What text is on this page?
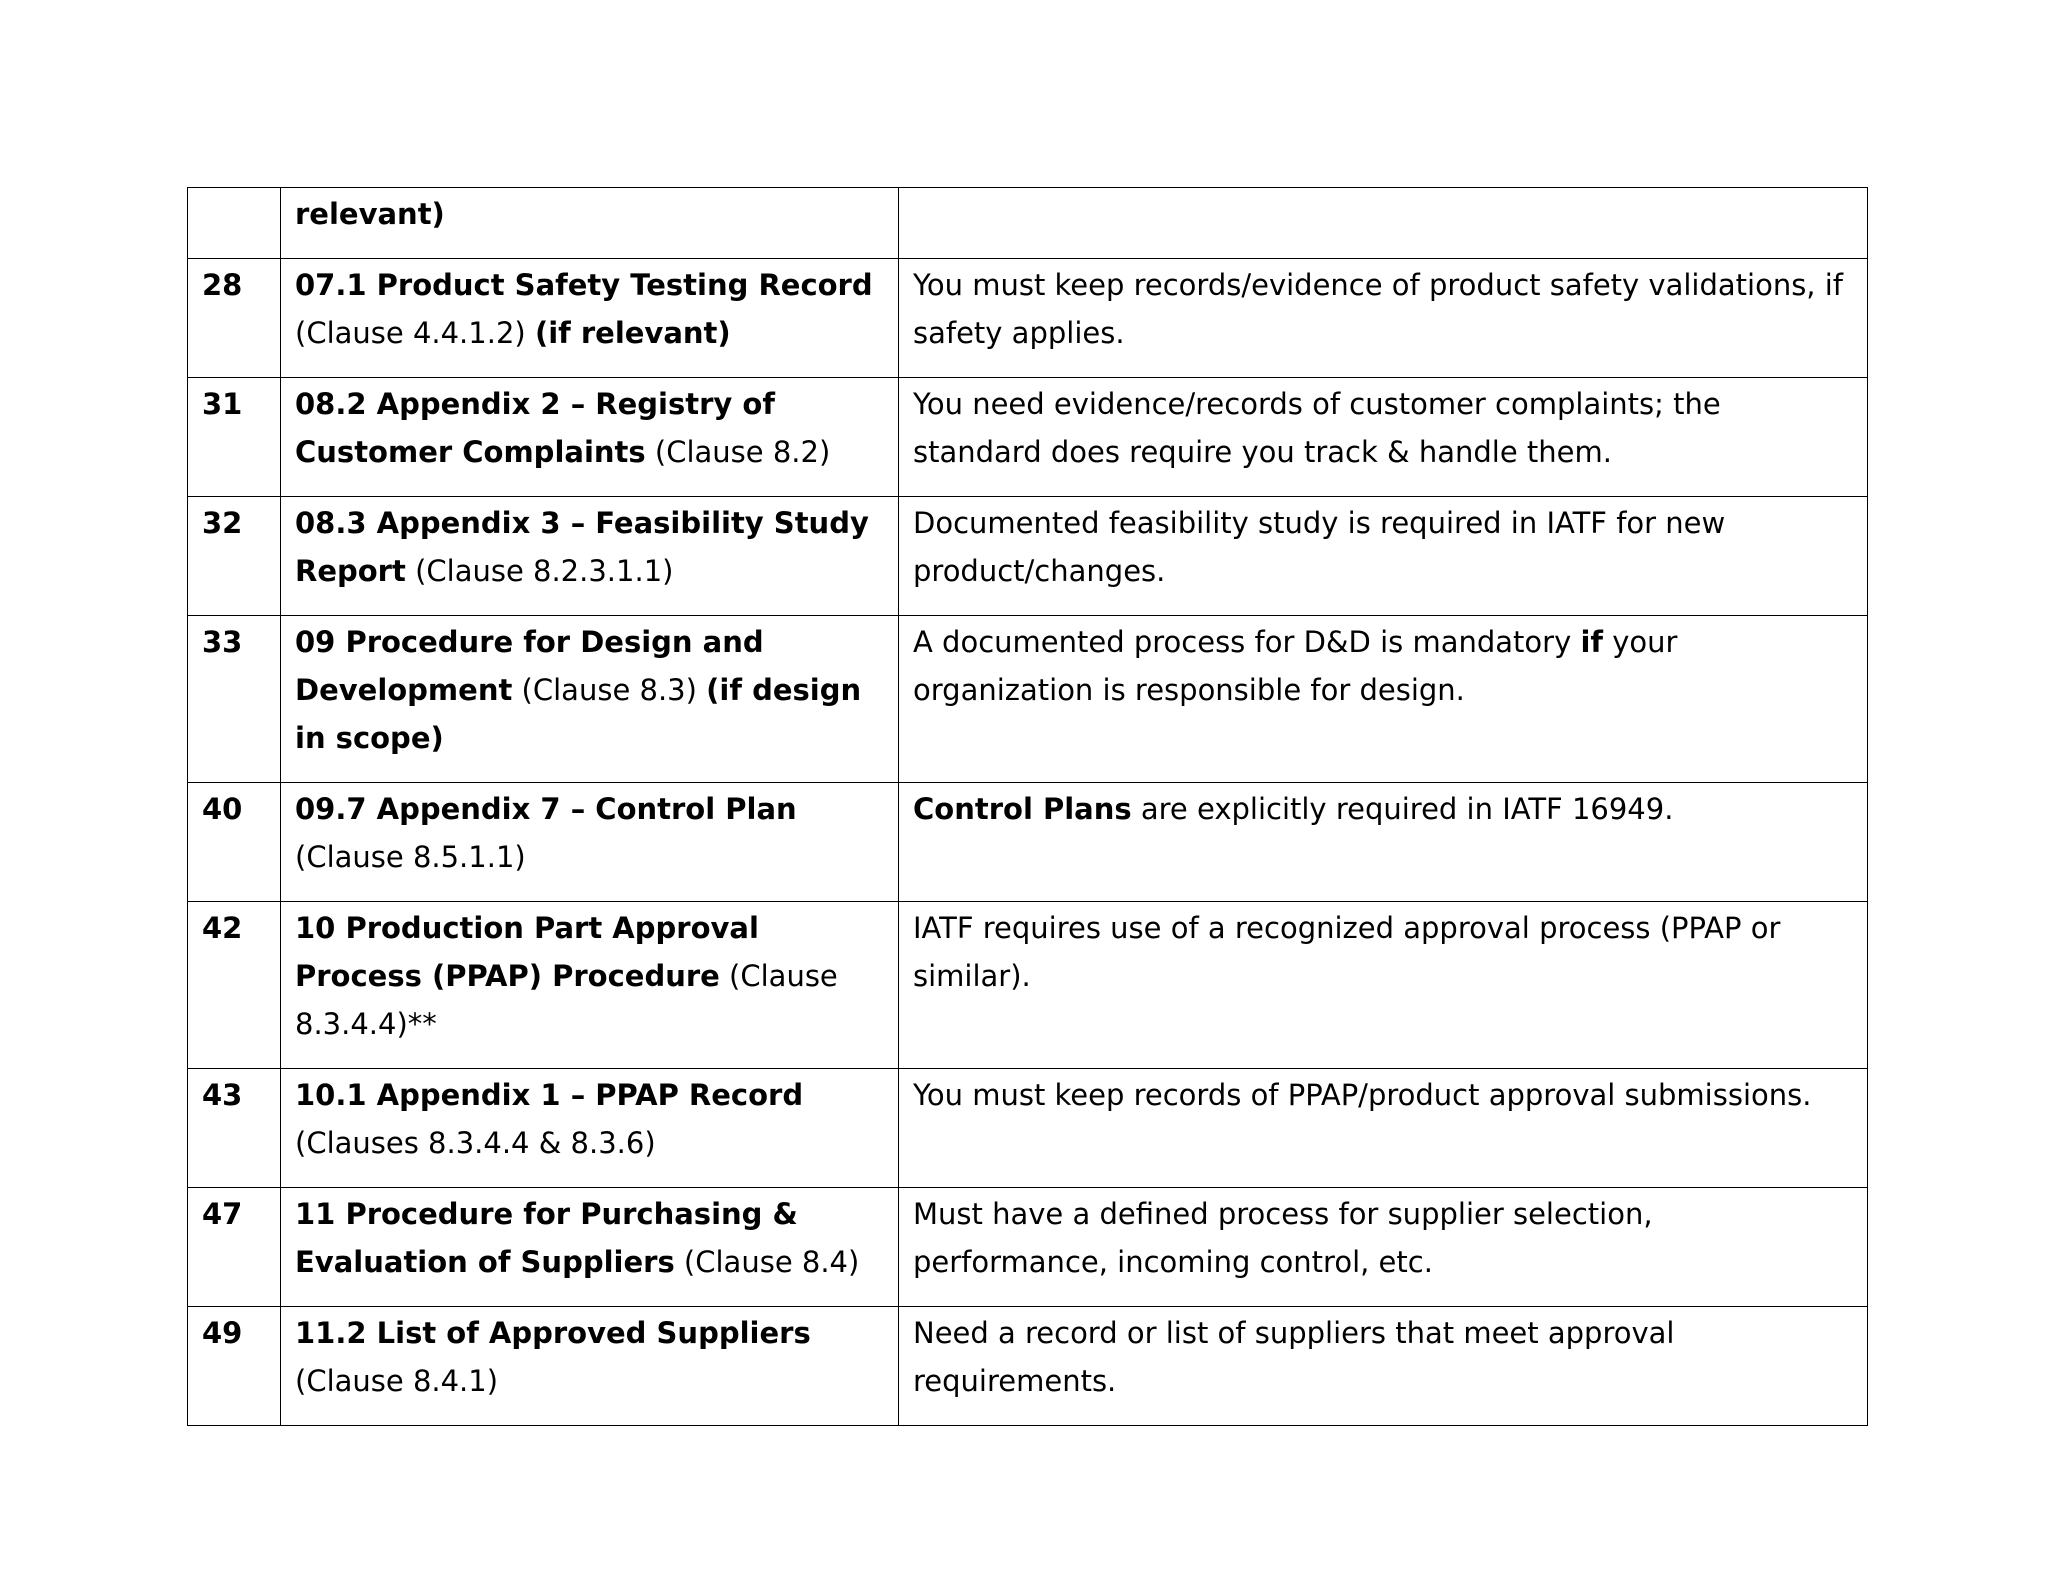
	relevant)	
28	07.1 Product Safety Testing Record (Clause 4.4.1.2) (if relevant)	You must keep records/evidence of product safety validations, if safety applies.
31	08.2 Appendix 2 – Registry of Customer Complaints (Clause 8.2)	You need evidence/records of customer complaints; the standard does require you track & handle them.
32	08.3 Appendix 3 – Feasibility Study Report (Clause 8.2.3.1.1)	Documented feasibility study is required in IATF for new product/changes.
33	09 Procedure for Design and Development (Clause 8.3) (if design in scope)	A documented process for D&D is mandatory if your organization is responsible for design.
40	09.7 Appendix 7 – Control Plan (Clause 8.5.1.1)	Control Plans are explicitly required in IATF 16949.
42	10 Production Part Approval Process (PPAP) Procedure (Clause 8.3.4.4)**	IATF requires use of a recognized approval process (PPAP or similar).
43	10.1 Appendix 1 – PPAP Record (Clauses 8.3.4.4 & 8.3.6)	You must keep records of PPAP/product approval submissions.
47	11 Procedure for Purchasing & Evaluation of Suppliers (Clause 8.4)	Must have a defined process for supplier selection, performance, incoming control, etc.
49	11.2 List of Approved Suppliers (Clause 8.4.1)	Need a record or list of suppliers that meet approval requirements.
